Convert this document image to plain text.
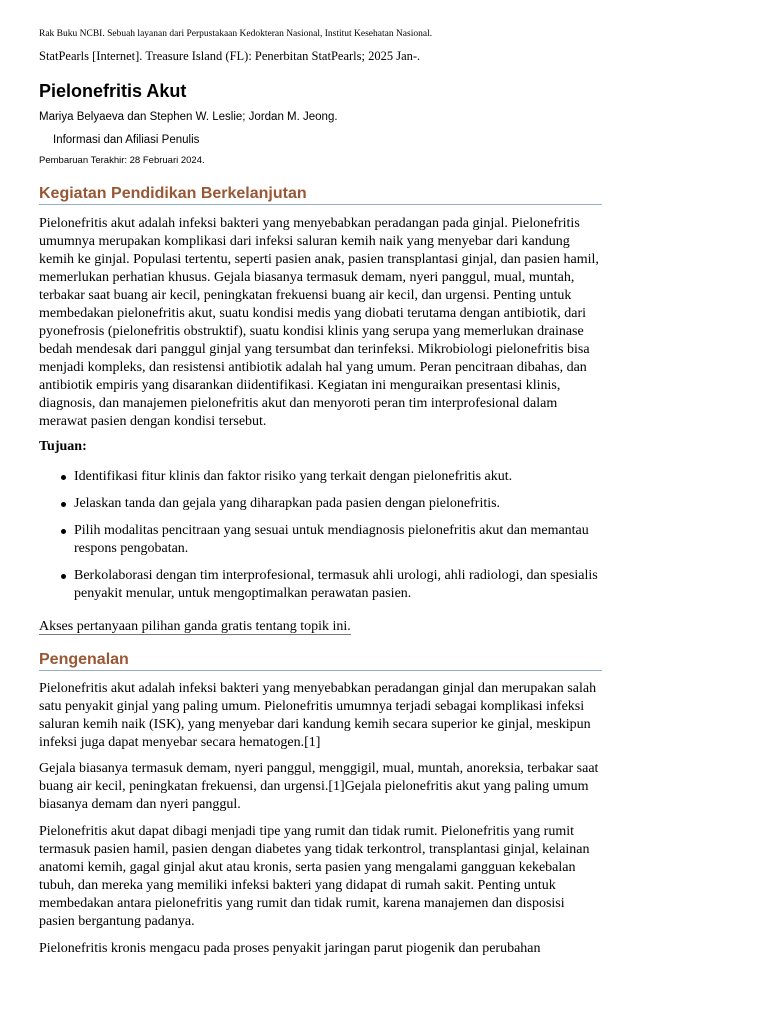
Rak Buku NCBI. Sebuah layanan dari Perpustakaan Kedokteran Nasional, Institut Kesehatan Nasional.
StatPearls [Internet]. Treasure Island (FL): Penerbitan StatPearls; 2025 Jan-.
Pielonefritis Akut
Mariya Belyaeva dan Stephen W. Leslie; Jordan M. Jeong.
Informasi dan Afiliasi Penulis
Pembaruan Terakhir: 28 Februari 2024.
Kegiatan Pendidikan Berkelanjutan

Pielonefritis akut adalah infeksi bakteri yang menyebabkan peradangan pada ginjal. Pielonefritis umumnya merupakan komplikasi dari infeksi saluran kemih naik yang menyebar dari kandung kemih ke ginjal. Populasi tertentu, seperti pasien anak, pasien transplantasi ginjal, dan pasien hamil, memerlukan perhatian khusus. Gejala biasanya termasuk demam, nyeri panggul, mual, muntah, terbakar saat buang air kecil, peningkatan frekuensi buang air kecil, dan urgensi. Penting untuk membedakan pielonefritis akut, suatu kondisi medis yang diobati terutama dengan antibiotik, dari pyonefrosis (pielonefritis obstruktif), suatu kondisi klinis yang serupa yang memerlukan drainase bedah mendesak dari panggul ginjal yang tersumbat dan terinfeksi. Mikrobiologi pielonefritis bisa menjadi kompleks, dan resistensi antibiotik adalah hal yang umum. Peran pencitraan dibahas, dan antibiotik empiris yang disarankan diidentifikasi. Kegiatan ini menguraikan presentasi klinis, diagnosis, dan manajemen pielonefritis akut dan menyoroti peran tim interprofesional dalam merawat pasien dengan kondisi tersebut.

Tujuan:

Identifikasi fitur klinis dan faktor risiko yang terkait dengan pielonefritis akut.
Jelaskan tanda dan gejala yang diharapkan pada pasien dengan pielonefritis.
Pilih modalitas pencitraan yang sesuai untuk mendiagnosis pielonefritis akut dan memantau respons pengobatan.
Berkolaborasi dengan tim interprofesional, termasuk ahli urologi, ahli radiologi, dan spesialis penyakit menular, untuk mengoptimalkan perawatan pasien.

Akses pertanyaan pilihan ganda gratis tentang topik ini.

Pengenalan

Pielonefritis akut adalah infeksi bakteri yang menyebabkan peradangan ginjal dan merupakan salah satu penyakit ginjal yang paling umum. Pielonefritis umumnya terjadi sebagai komplikasi infeksi saluran kemih naik (ISK), yang menyebar dari kandung kemih secara superior ke ginjal, meskipun infeksi juga dapat menyebar secara hematogen.[1]

Gejala biasanya termasuk demam, nyeri panggul, menggigil, mual, muntah, anoreksia, terbakar saat buang air kecil, peningkatan frekuensi, dan urgensi.[1]Gejala pielonefritis akut yang paling umum biasanya demam dan nyeri panggul.

Pielonefritis akut dapat dibagi menjadi tipe yang rumit dan tidak rumit. Pielonefritis yang rumit termasuk pasien hamil, pasien dengan diabetes yang tidak terkontrol, transplantasi ginjal, kelainan anatomi kemih, gagal ginjal akut atau kronis, serta pasien yang mengalami gangguan kekebalan tubuh, dan mereka yang memiliki infeksi bakteri yang didapat di rumah sakit. Penting untuk membedakan antara pielonefritis yang rumit dan tidak rumit, karena manajemen dan disposisi pasien bergantung padanya.

Pielonefritis kronis mengacu pada proses penyakit jaringan parut piogenik dan perubahan
